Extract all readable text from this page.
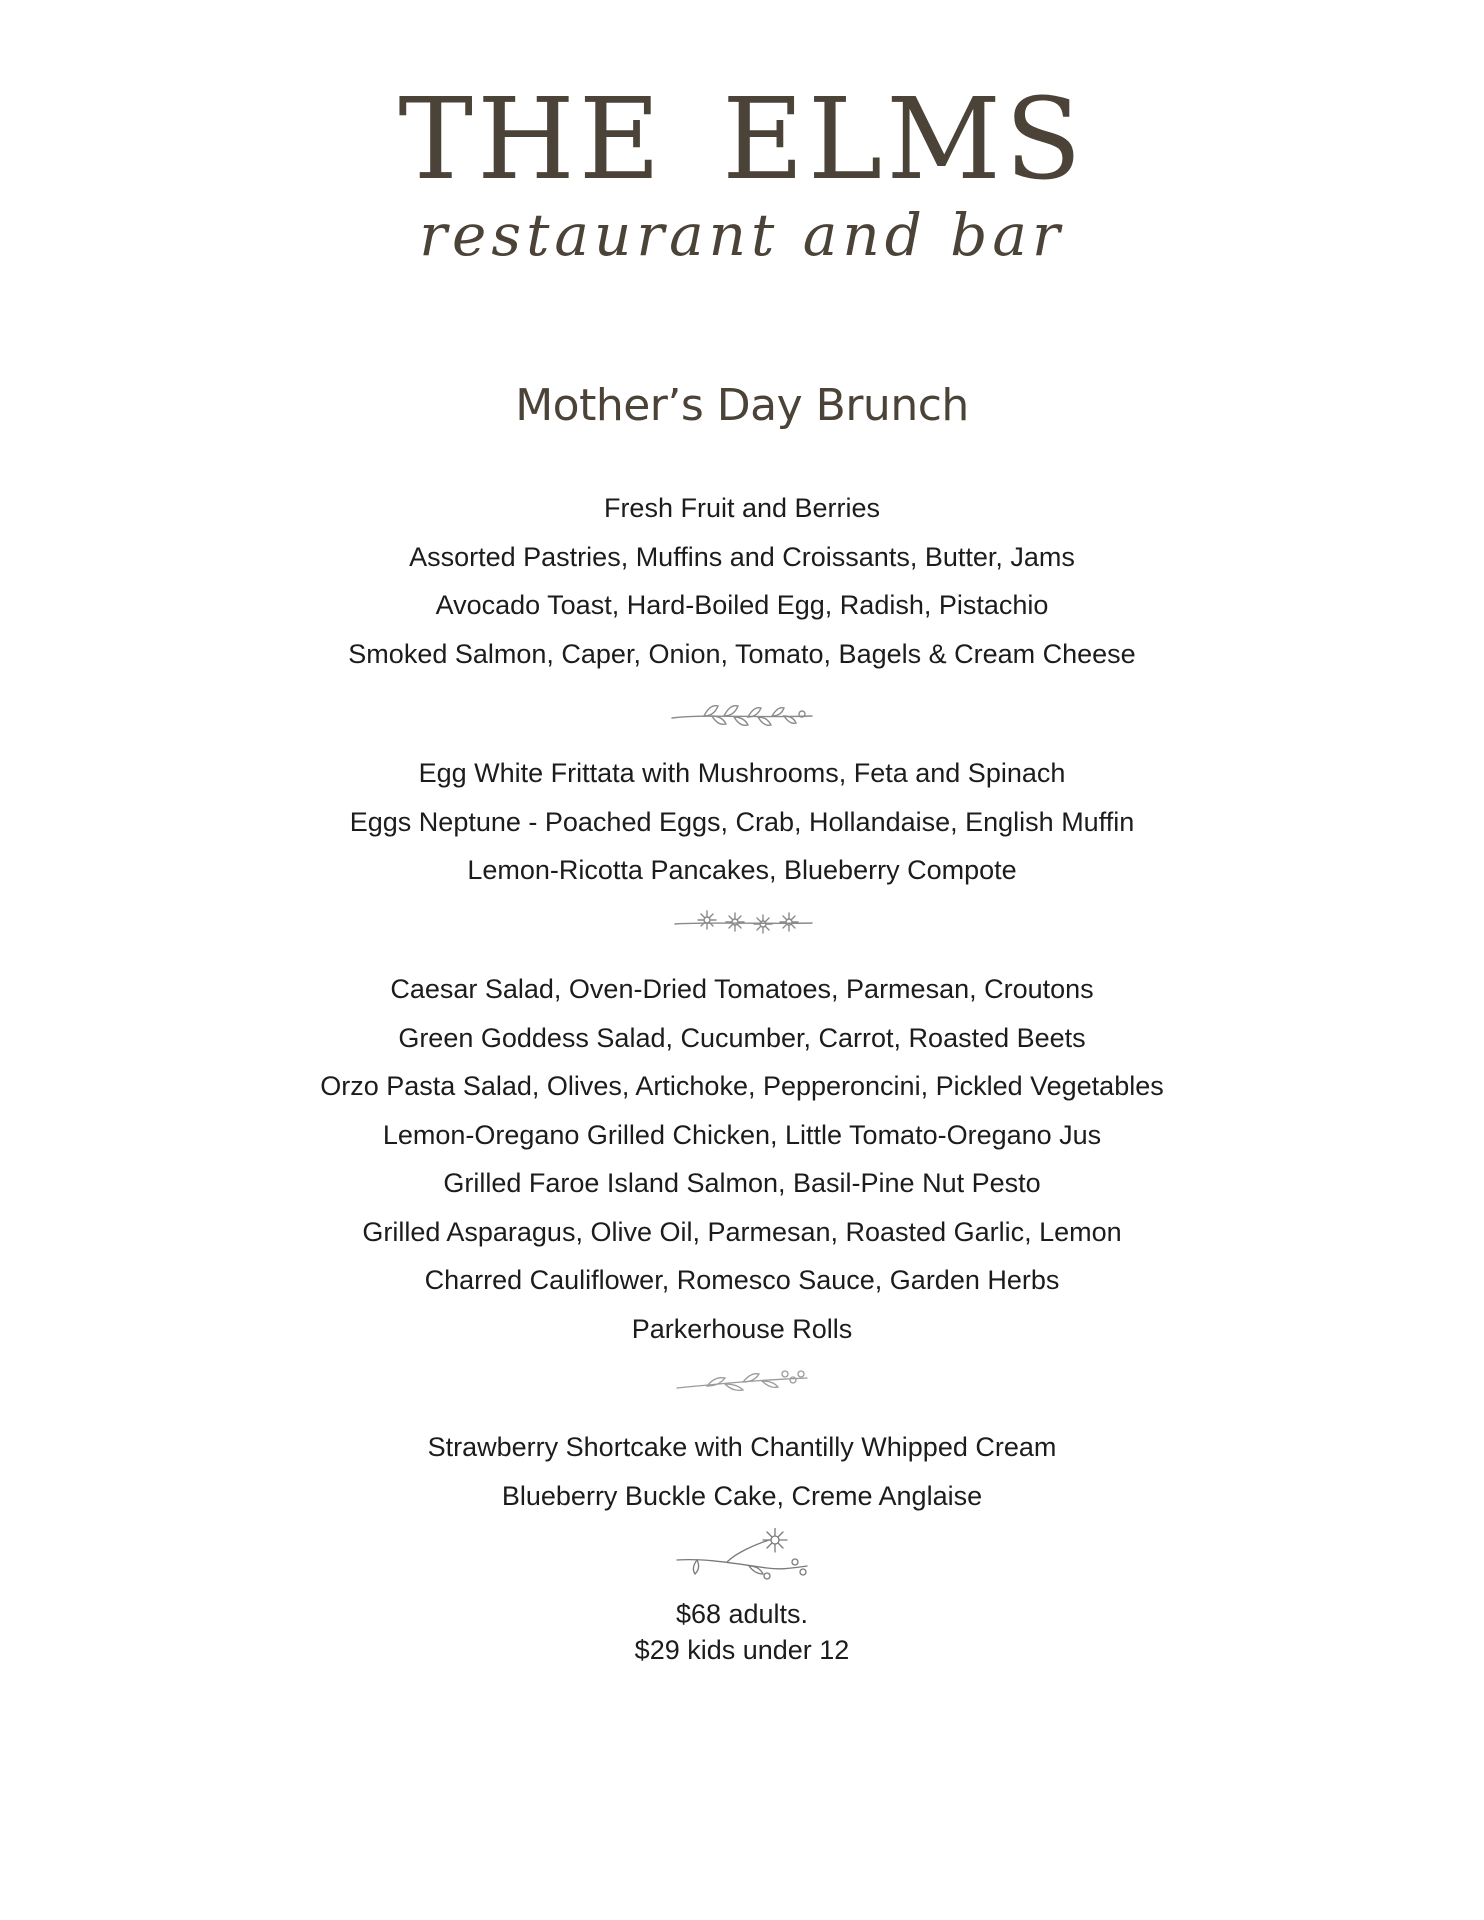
THE ELMS
restaurant and bar
Mother’s Day Brunch
Fresh Fruit and Berries
Assorted Pastries, Muffins and Croissants, Butter, Jams
Avocado Toast, Hard-Boiled Egg, Radish, Pistachio
Smoked Salmon, Caper, Onion, Tomato, Bagels & Cream Cheese
Egg White Frittata with Mushrooms, Feta and Spinach
Eggs Neptune - Poached Eggs, Crab, Hollandaise, English Muffin
Lemon-Ricotta Pancakes, Blueberry Compote
Caesar Salad, Oven-Dried Tomatoes, Parmesan, Croutons
Green Goddess Salad, Cucumber, Carrot, Roasted Beets
Orzo Pasta Salad, Olives, Artichoke, Pepperoncini, Pickled Vegetables
Lemon-Oregano Grilled Chicken, Little Tomato-Oregano Jus
Grilled Faroe Island Salmon, Basil-Pine Nut Pesto
Grilled Asparagus, Olive Oil, Parmesan, Roasted Garlic, Lemon
Charred Cauliflower, Romesco Sauce, Garden Herbs
Parkerhouse Rolls
Strawberry Shortcake with Chantilly Whipped Cream
Blueberry Buckle Cake, Creme Anglaise
$68 adults.
$29 kids under 12
